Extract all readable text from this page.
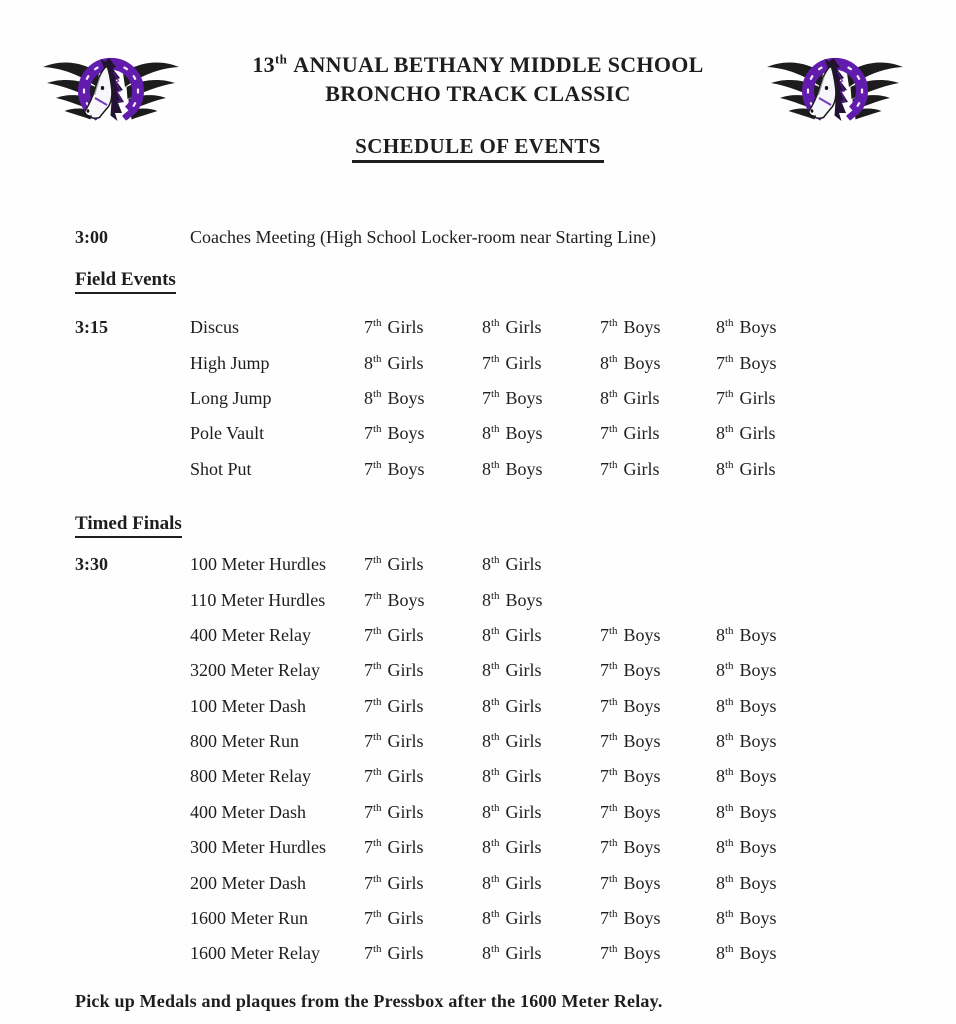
13th ANNUAL BETHANY MIDDLE SCHOOL
BRONCHO TRACK CLASSIC
SCHEDULE OF EVENTS
3:00	Coaches Meeting (High School Locker-room near Starting Line)
Field Events
3:15	Discus	7th Girls	8th Girls	7th Boys	8th Boys
High Jump	8th Girls	7th Girls	8th Boys	7th Boys
Long Jump	8th Boys	7th Boys	8th Girls	7th Girls
Pole Vault	7th Boys	8th Boys	7th Girls	8th Girls
Shot Put	7th Boys	8th Boys	7th Girls	8th Girls
Timed Finals
3:30	100 Meter Hurdles	7th Girls	8th Girls
110 Meter Hurdles	7th Boys	8th Boys
400 Meter Relay	7th Girls	8th Girls	7th Boys	8th Boys
3200 Meter Relay	7th Girls	8th Girls	7th Boys	8th Boys
100 Meter Dash	7th Girls	8th Girls	7th Boys	8th Boys
800 Meter Run	7th Girls	8th Girls	7th Boys	8th Boys
800 Meter Relay	7th Girls	8th Girls	7th Boys	8th Boys
400 Meter Dash	7th Girls	8th Girls	7th Boys	8th Boys
300 Meter Hurdles	7th Girls	8th Girls	7th Boys	8th Boys
200 Meter Dash	7th Girls	8th Girls	7th Boys	8th Boys
1600 Meter Run	7th Girls	8th Girls	7th Boys	8th Boys
1600 Meter Relay	7th Girls	8th Girls	7th Boys	8th Boys
Pick up Medals and plaques from the Pressbox after the 1600 Meter Relay.
